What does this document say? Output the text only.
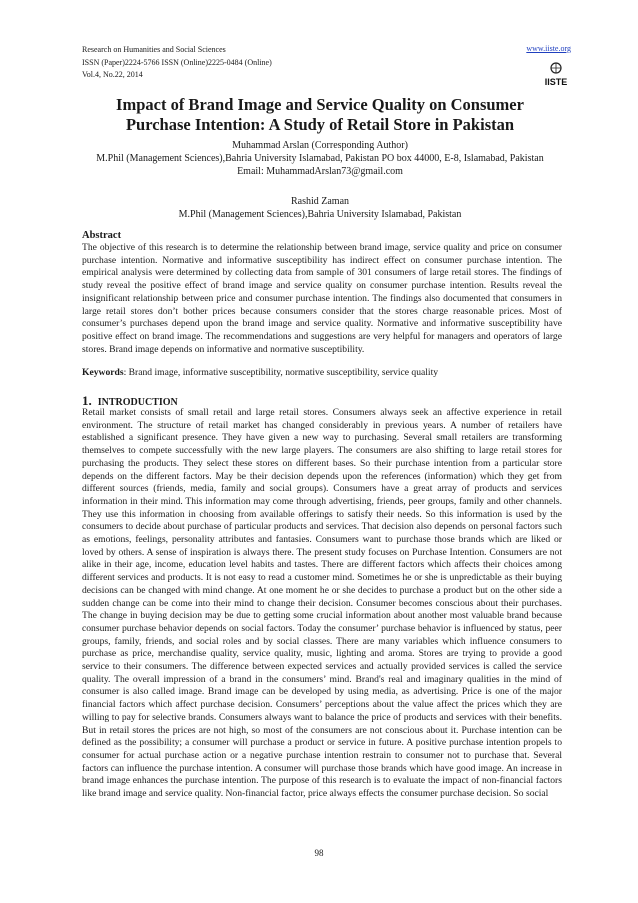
Research on Humanities and Social Sciences
ISSN (Paper)2224-5766 ISSN (Online)2225-0484 (Online)
Vol.4, No.22, 2014
www.iiste.org
IISTE
Impact of Brand Image and Service Quality on Consumer
Purchase Intention: A Study of Retail Store in Pakistan
Muhammad Arslan (Corresponding Author)
M.Phil (Management Sciences),Bahria University Islamabad, Pakistan PO box 44000, E-8, Islamabad, Pakistan
Email: MuhammadArslan73@gmail.com
Rashid Zaman
M.Phil (Management Sciences),Bahria University Islamabad, Pakistan
Abstract
The objective of this research is to determine the relationship between brand image, service quality and price on consumer purchase intention. Normative and informative susceptibility has indirect effect on consumer purchase intention. The empirical analysis were determined by collecting data from sample of 301 consumers of large retail stores. The findings of study reveal the positive effect of brand image and service quality on consumer purchase intention. Results reveal the insignificant relationship between price and consumer purchase intention. The findings also documented that consumers in large retail stores don’t bother prices because consumers consider that the stores charge reasonable prices. Most of consumer’s purchases depend upon the brand image and service quality. Normative and informative susceptibility have positive effect on brand image. The recommendations and suggestions are very helpful for managers and operators of large stores. Brand image depends on informative and normative susceptibility.
Keywords: Brand image, informative susceptibility, normative susceptibility, service quality
1. INTRODUCTION
Retail market consists of small retail and large retail stores. Consumers always seek an affective experience in retail environment. The structure of retail market has changed considerably in previous years. A number of retailers have established a significant presence. They have given a new way to purchasing. Several small retailers are transforming themselves to compete successfully with the new large players. The consumers are also shifting to large retail stores for purchasing the products. They select these stores on different bases. So their purchase intention from a particular store depends on the different factors. May be their decision depends upon the references (information) which they get from different sources (friends, media, family and social groups). Consumers have a great array of products and services information in their mind. This information may come through advertising, friends, peer groups, family and other channels. They use this information in choosing from available offerings to satisfy their needs. So this information is used by the consumers to decide about purchase of particular products and services. That decision also depends on personal factors such as emotions, feelings, personality attributes and fantasies. Consumers want to purchase those brands which are liked or loved by others. A sense of inspiration is always there. The present study focuses on Purchase Intention. Consumers are not alike in their age, income, education level habits and tastes. There are different factors which affects their choices among different services and products. It is not easy to read a customer mind. Sometimes he or she is unpredictable as their buying decisions can be changed with mind change. At one moment he or she decides to purchase a product but on the other side a sudden change can be come into their mind to change their decision. Consumer becomes conscious about their purchases. The change in buying decision may be due to getting some crucial information about another most valuable brand because consumer purchase behavior depends on social factors. Today the consumer’ purchase behavior is influenced by status, peer groups, family, friends, and social roles and by social classes. There are many variables which influence consumers to purchase as price, merchandise quality, service quality, music, lighting and aroma. Stores are trying to provide a good service to their consumers. The difference between expected services and actually provided services is called the service quality. The overall impression of a brand in the consumers’ mind. Brand's real and imaginary qualities in the mind of consumer is also called image. Brand image can be developed by using media, as advertising. Price is one of the major financial factors which affect purchase decision. Consumers’ perceptions about the value affect the prices which they are willing to pay for selective brands. Consumers always want to balance the price of products and services with their benefits. But in retail stores the prices are not high, so most of the consumers are not conscious about it. Purchase intention can be defined as the possibility; a consumer will purchase a product or service in future. A positive purchase intention propels to consumer for actual purchase action or a negative purchase intention restrain to consumer not to purchase that. Several factors can influence the purchase intention. A consumer will purchase those brands which have good image. An increase in brand image enhances the purchase intention. The purpose of this research is to evaluate the impact of non-financial factors like brand image and service quality. Non-financial factor, price always effects the consumer purchase decision. So social
98
